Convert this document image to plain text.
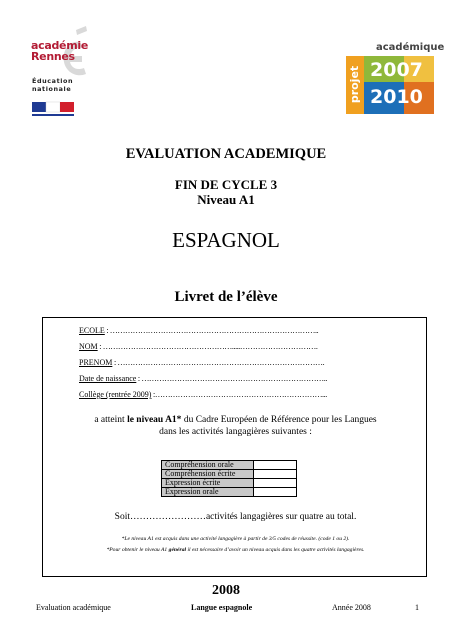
académie
Rennes
Éducation
nationale
académique
projet 2007
2010
EVALUATION ACADEMIQUE
FIN DE CYCLE 3
Niveau A1
ESPAGNOL
Livret de l’élève
ECOLE : ………………………………………………………………………..
NOM : …………………………………………….....………………………….
PRENOM : ……………………………………………………………………….
Date de naissance : ………………………………………………………………..
Collège (rentrée 2009) :…………………………………………………………...
a atteint le niveau A1* du Cadre Européen de Référence pour les Langues
dans les activités langagières suivantes :
Compréhension orale	
Compréhension écrite	
Expression écrite	
Expression orale	
Soit……………………activités langagières sur quatre au total.
*Le niveau A1 est acquis dans une activité langagière à partir de 3/5 codes de réussite. (code 1 ou 2).
*Pour obtenir le niveau A1 général il est nécessaire d’avoir un niveau acquis dans les quatre activités langagières.
2008
Evaluation académique	Langue espagnole	Année 2008	1
